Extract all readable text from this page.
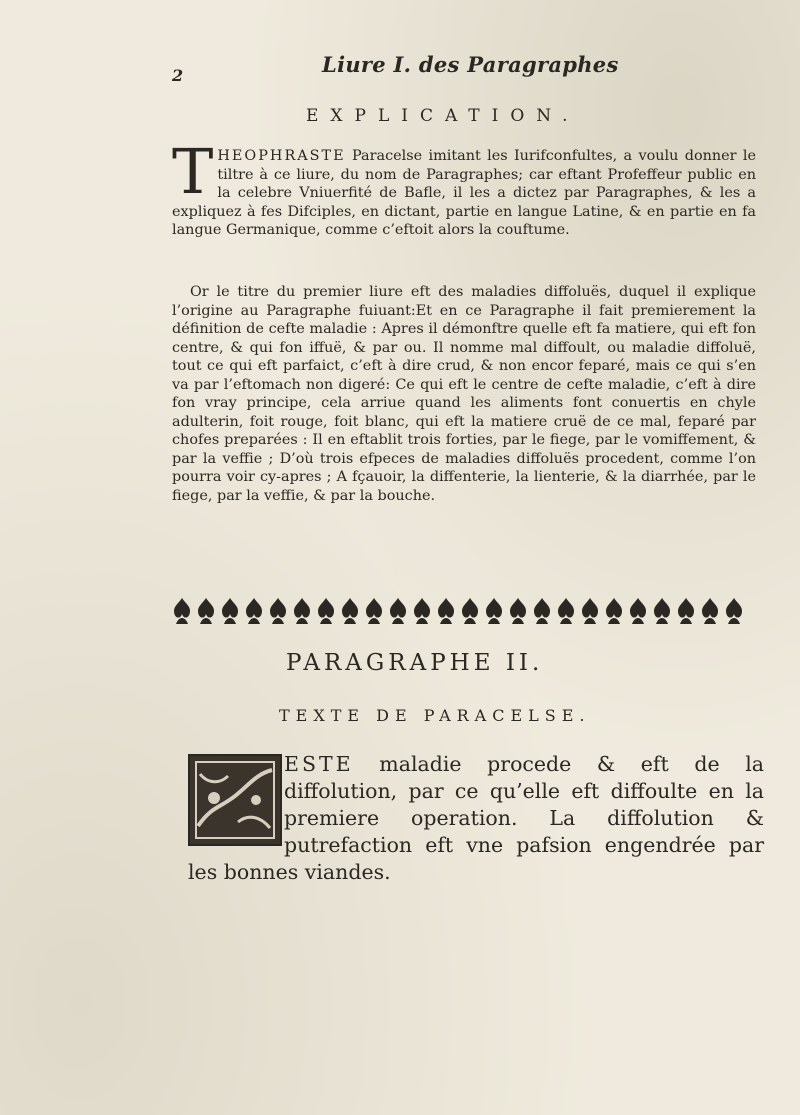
2	Liure I. des Paragraphes
EXPLICATION.

THEOPHRASTE Paracelse imitant les Iurifconfultes, a voulu donner le tiltre à ce liure, du nom de Paragraphes; car eftant Profeffeur public en la celebre Vniuerfité de Bafle, il les a dictez par Paragraphes, & les a expliquez à fes Difciples, en dictant, partie en langue Latine, & en partie en fa langue Germanique, comme c’eftoit alors la couftume.

Or le titre du premier liure eft des maladies diffoluës, duquel il explique l’origine au Paragraphe fuiuant:Et en ce Paragraphe il fait premierement la définition de cefte maladie : Apres il démonftre quelle eft fa matiere, qui eft fon centre, & qui fon iffuë, & par ou. Il nomme mal diffoult, ou maladie diffoluë, tout ce qui eft parfaict, c’eft à dire crud, & non encor feparé, mais ce qui s’en va par l’eftomach non digeré: Ce qui eft le centre de cefte maladie, c’eft à dire fon vray principe, cela arriue quand les aliments font conuertis en chyle adulterin, foit rouge, foit blanc, qui eft la matiere cruë de ce mal, feparé par chofes preparées : Il en eftablit trois forties, par le fiege, par le vomiffement, & par la veffie ; D’où trois efpeces de maladies diffoluës procedent, comme l’on pourra voir cy-apres ; A fçauoir, la diffenterie, la lienterie, & la diarrhée, par le fiege, par la veffie, & par la bouche.

PARAGRAPHE II.
TEXTE DE PARACELSE.
ESTE maladie procede & eft de la diffolution, par ce qu’elle eft diffoulte en la premiere operation. La diffolution & putrefaction eft vne pafsion engendrée par les bonnes viandes.
